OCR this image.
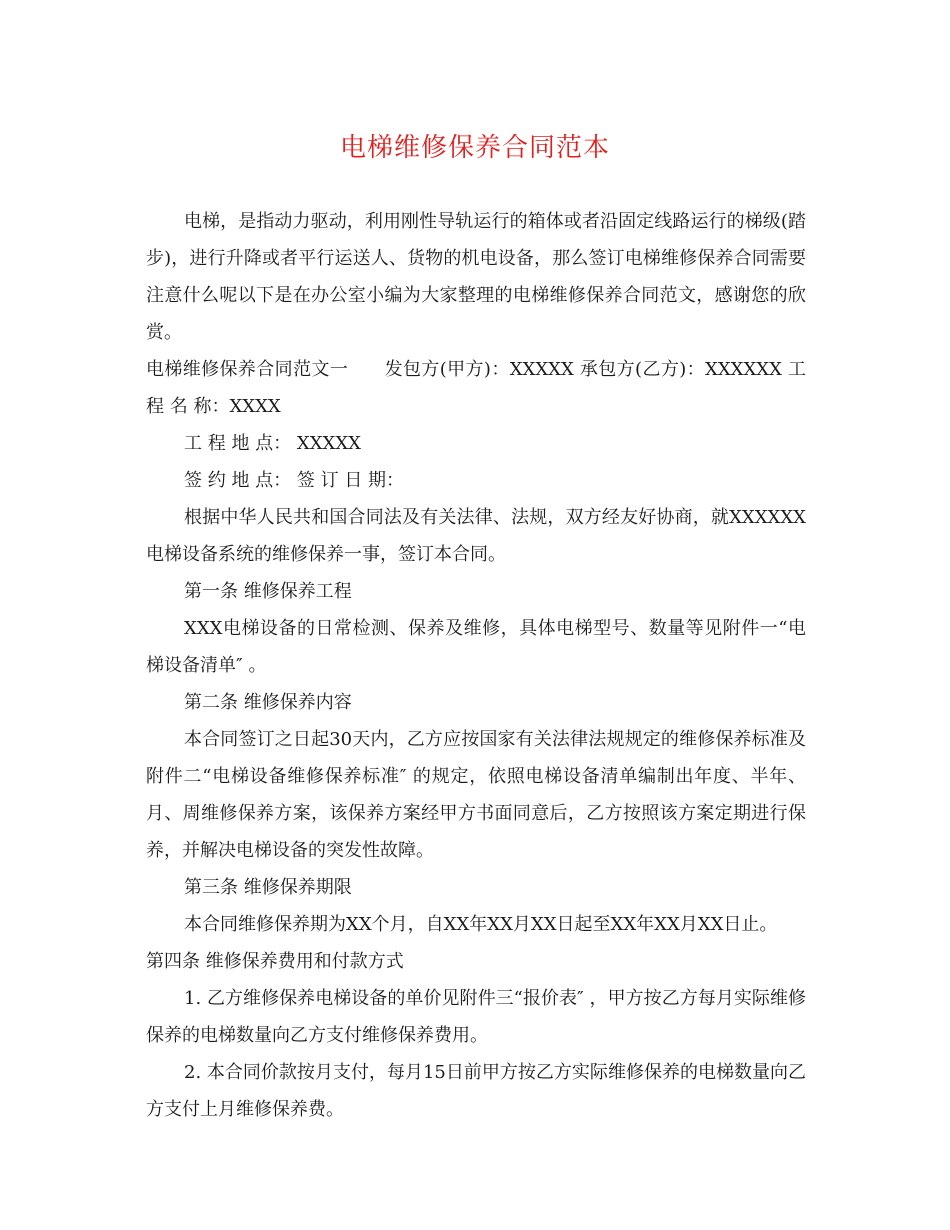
电梯维修保养合同范本

电梯，是指动力驱动，利用刚性导轨运行的箱体或者沿固定线路运行的梯级(踏步)，进行升降或者平行运送人、货物的机电设备，那么签订电梯维修保养合同需要注意什么呢以下是在办公室小编为大家整理的电梯维修保养合同范文，感谢您的欣赏。

电梯维修保养合同范文一 发包方(甲方)：XXXXX 承包方(乙方)：XXXXXX 工程 名 称：XXXX

工 程 地 点： XXXXX

签 约 地 点： 签 订 日 期：

根据中华人民共和国合同法及有关法律、法规，双方经友好协商，就XXXXXX电梯设备系统的维修保养一事，签订本合同。

第一条 维修保养工程

XXX电梯设备的日常检测、保养及维修，具体电梯型号、数量等见附件一“电梯设备清单″ 。

第二条 维修保养内容

本合同签订之日起30天内，乙方应按国家有关法律法规规定的维修保养标准及附件二“电梯设备维修保养标准″ 的规定，依照电梯设备清单编制出年度、半年、月、周维修保养方案，该保养方案经甲方书面同意后，乙方按照该方案定期进行保养，并解决电梯设备的突发性故障。

第三条 维修保养期限

本合同维修保养期为XX个月，自XX年XX月XX日起至XX年XX月XX日止。

第四条 维修保养费用和付款方式

1. 乙方维修保养电梯设备的单价见附件三“报价表″ ，甲方按乙方每月实际维修保养的电梯数量向乙方支付维修保养费用。

2. 本合同价款按月支付，每月15日前甲方按乙方实际维修保养的电梯数量向乙方支付上月维修保养费。
